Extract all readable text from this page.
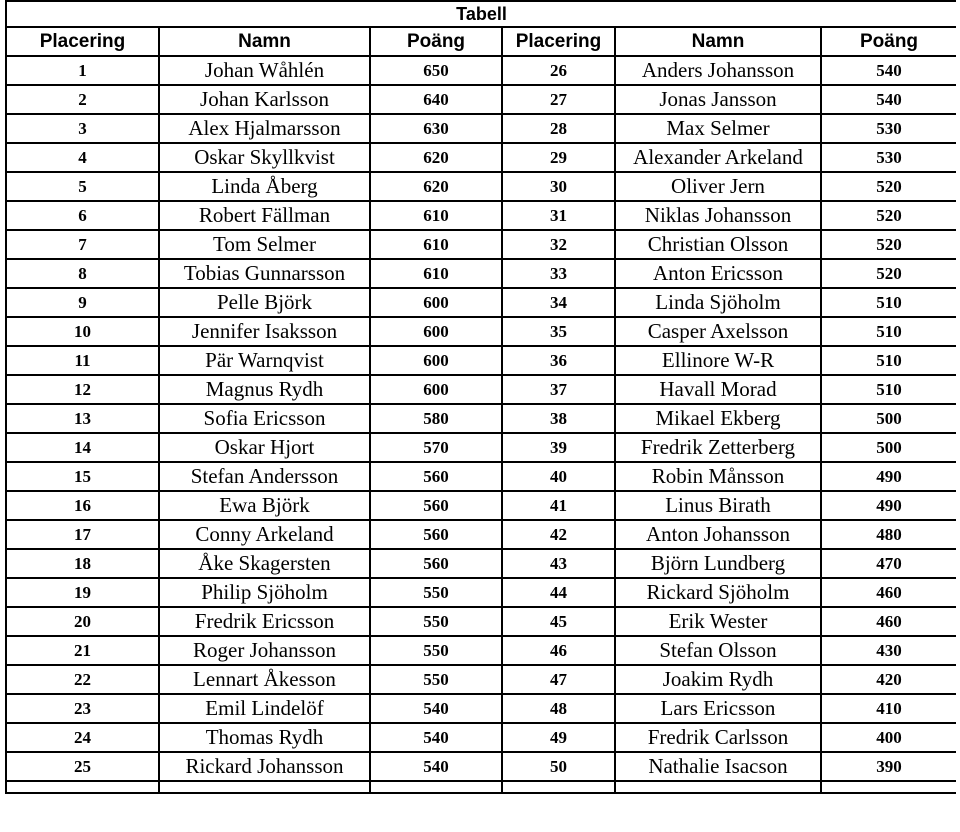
Tabell					
Placering	Namn	Poäng	Placering	Namn	Poäng
1	Johan Wåhlén	650	26	Anders Johansson	540
2	Johan Karlsson	640	27	Jonas Jansson	540
3	Alex Hjalmarsson	630	28	Max Selmer	530
4	Oskar Skyllkvist	620	29	Alexander Arkeland	530
5	Linda Åberg	620	30	Oliver Jern	520
6	Robert Fällman	610	31	Niklas Johansson	520
7	Tom Selmer	610	32	Christian Olsson	520
8	Tobias Gunnarsson	610	33	Anton Ericsson	520
9	Pelle Björk	600	34	Linda Sjöholm	510
10	Jennifer Isaksson	600	35	Casper Axelsson	510
11	Pär Warnqvist	600	36	Ellinore W-R	510
12	Magnus Rydh	600	37	Havall Morad	510
13	Sofia Ericsson	580	38	Mikael Ekberg	500
14	Oskar Hjort	570	39	Fredrik Zetterberg	500
15	Stefan Andersson	560	40	Robin Månsson	490
16	Ewa Björk	560	41	Linus Birath	490
17	Conny Arkeland	560	42	Anton Johansson	480
18	Åke Skagersten	560	43	Björn Lundberg	470
19	Philip Sjöholm	550	44	Rickard Sjöholm	460
20	Fredrik Ericsson	550	45	Erik Wester	460
21	Roger Johansson	550	46	Stefan Olsson	430
22	Lennart Åkesson	550	47	Joakim Rydh	420
23	Emil Lindelöf	540	48	Lars Ericsson	410
24	Thomas Rydh	540	49	Fredrik Carlsson	400
25	Rickard Johansson	540	50	Nathalie Isacson	390
